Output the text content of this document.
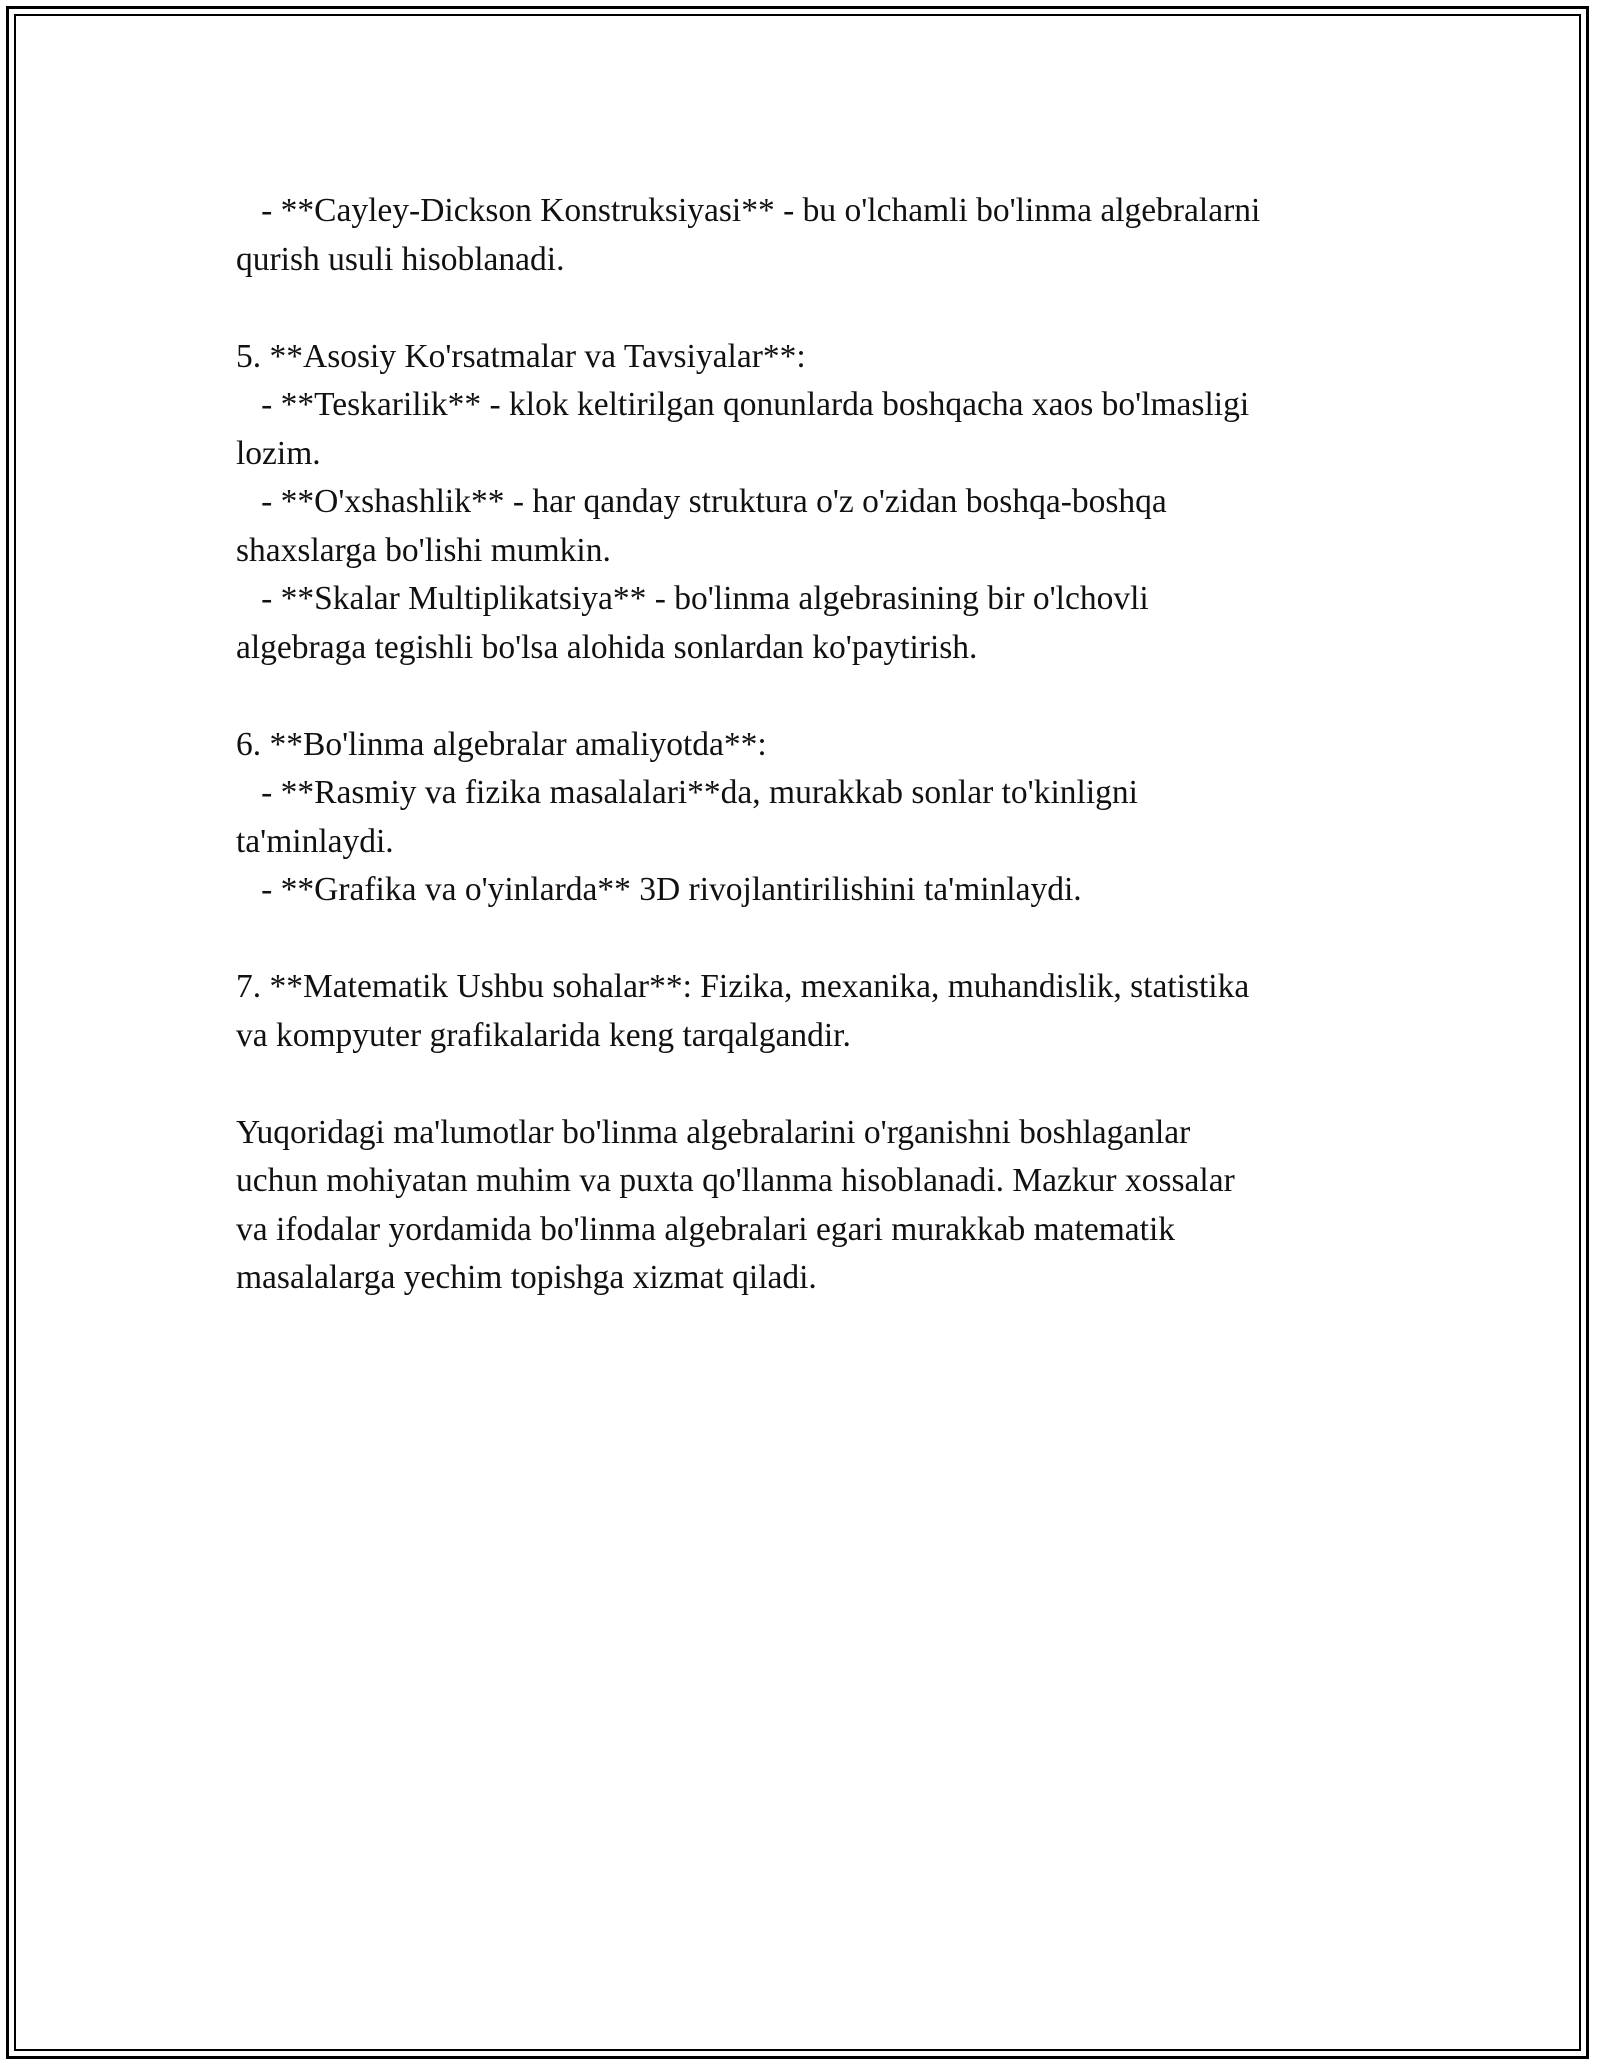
- **Cayley-Dickson Konstruksiyasi** - bu o'lchamli bo'linma algebralarni
qurish usuli hisoblanadi.
5. **Asosiy Ko'rsatmalar va Tavsiyalar**:
- **Teskarilik** - klok keltirilgan qonunlarda boshqacha xaos bo'lmasligi
lozim.
- **O'xshashlik** - har qanday struktura o'z o'zidan boshqa-boshqa
shaxslarga bo'lishi mumkin.
- **Skalar Multiplikatsiya** - bo'linma algebrasining bir o'lchovli
algebraga tegishli bo'lsa alohida sonlardan ko'paytirish.
6. **Bo'linma algebralar amaliyotda**:
- **Rasmiy va fizika masalalari**da, murakkab sonlar to'kinligni
ta'minlaydi.
- **Grafika va o'yinlarda** 3D rivojlantirilishini ta'minlaydi.
7. **Matematik Ushbu sohalar**: Fizika, mexanika, muhandislik, statistika
va kompyuter grafikalarida keng tarqalgandir.
Yuqoridagi ma'lumotlar bo'linma algebralarini o'rganishni boshlaganlar
uchun mohiyatan muhim va puxta qo'llanma hisoblanadi. Mazkur xossalar
va ifodalar yordamida bo'linma algebralari egari murakkab matematik
masalalarga yechim topishga xizmat qiladi.
